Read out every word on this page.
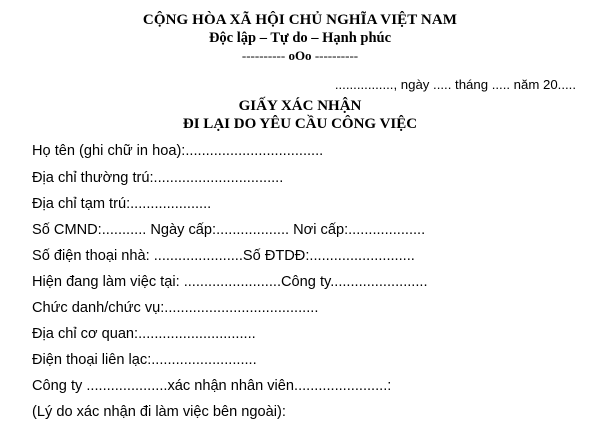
CỘNG HÒA XÃ HỘI CHỦ NGHĨA VIỆT NAM
Độc lập – Tự do – Hạnh phúc
---------- oOo ----------
................, ngày ..... tháng ..... năm 20.....
GIẤY XÁC NHẬN
ĐI LẠI DO YÊU CẦU CÔNG VIỆC
Họ tên (ghi chữ in hoa):..................................
Địa chỉ thường trú:................................
Địa chỉ tạm trú:....................
Số CMND:........... Ngày cấp:.................. Nơi cấp:...................
Số điện thoại nhà: ......................Số ĐTDĐ:..........................
Hiện đang làm việc tại: ........................Công ty........................
Chức danh/chức vụ:......................................
Địa chỉ cơ quan:.............................
Điện thoại liên lạc:..........................
Công ty ....................xác nhận nhân viên.......................:
(Lý do xác nhận đi làm việc bên ngoài):
